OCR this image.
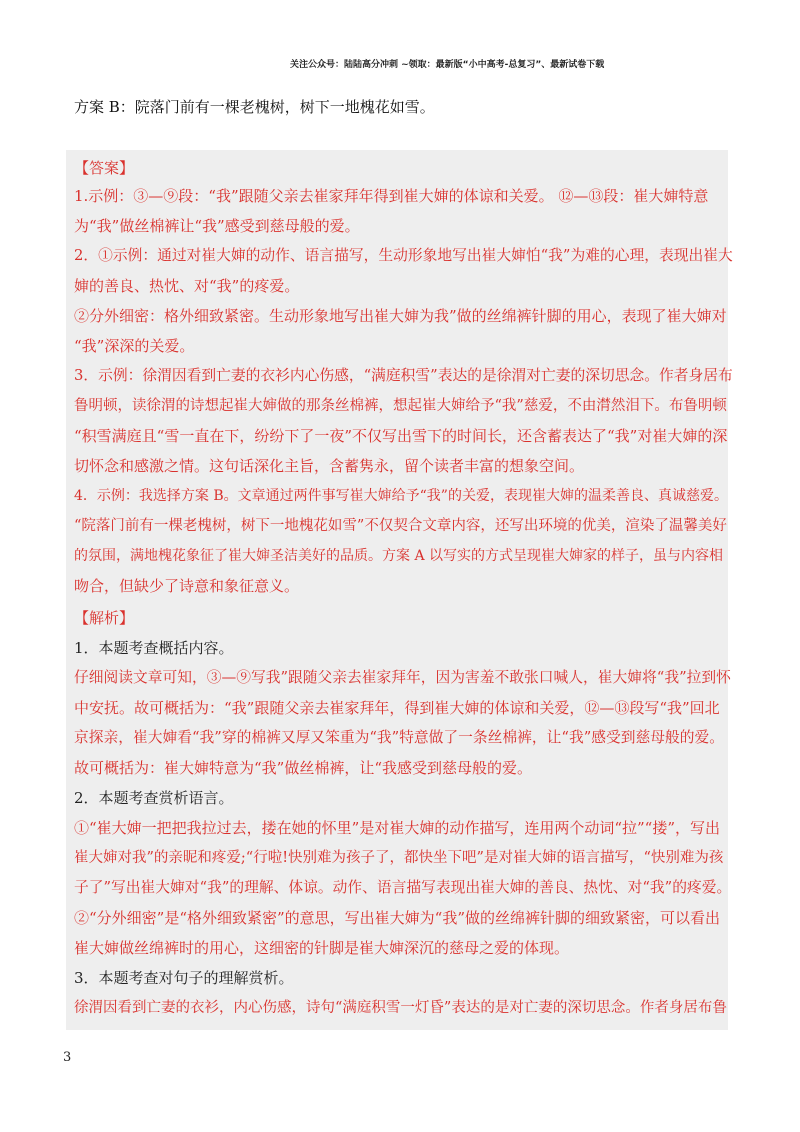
关注公众号：陆陆高分冲刺 ~领取：最新版“小中高考-总复习”、最新试卷下载
方案 B：院落门前有一棵老槐树，树下一地槐花如雪。
【答案】
1.示例：③—⑨段：“我”跟随父亲去崔家拜年得到崔大婶的体谅和关爱。 ⑫—⑬段：崔大婶特意
为“我”做丝棉裤让“我”感受到慈母般的爱。
2．①示例：通过对崔大婶的动作、语言描写，生动形象地写出崔大婶怕“我”为难的心理，表现出崔大
婶的善良、热忱、对“我”的疼爱。
②分外细密：格外细致紧密。生动形象地写出崔大婶为我”做的丝绵裤针脚的用心，表现了崔大婶对
“我”深深的关爱。
3．示例：徐渭因看到亡妻的衣衫内心伤感，“满庭积雪”表达的是徐渭对亡妻的深切思念。作者身居布
鲁明顿，读徐渭的诗想起崔大婶做的那条丝棉裤，想起崔大婶给予“我”慈爱，不由潸然泪下。布鲁明顿
“积雪满庭且“雪一直在下，纷纷下了一夜”不仅写出雪下的时间长，还含蓄表达了“我”对崔大婶的深
切怀念和感激之情。这句话深化主旨，含蓄隽永，留个读者丰富的想象空间。
4．示例：我选择方案 B。文章通过两件事写崔大婶给予“我”的关爱，表现崔大婶的温柔善良、真诚慈爱。
“院落门前有一棵老槐树，树下一地槐花如雪”不仅契合文章内容，还写出环境的优美，渲染了温馨美好
的氛围，满地槐花象征了崔大婶圣洁美好的品质。方案 A 以写实的方式呈现崔大婶家的样子，虽与内容相
吻合，但缺少了诗意和象征意义。
【解析】
1．本题考查概括内容。
仔细阅读文章可知，③—⑨写我”跟随父亲去崔家拜年，因为害羞不敢张口喊人，崔大婶将“我”拉到怀
中安抚。故可概括为：“我”跟随父亲去崔家拜年，得到崔大婶的体谅和关爱，⑫—⑬段写“我”回北
京探亲，崔大婶看“我”穿的棉裤又厚又笨重为“我”特意做了一条丝棉裤，让“我”感受到慈母般的爱。
故可概括为：崔大婶特意为“我”做丝棉裤，让“我感受到慈母般的爱。
2．本题考查赏析语言。
①“崔大婶一把把我拉过去，搂在她的怀里”是对崔大婶的动作描写，连用两个动词“拉”“搂”，写出
崔大婶对我”的亲昵和疼爱;“行啦!快别难为孩子了，都快坐下吧”是对崔大婶的语言描写，“快别难为孩
子了”写出崔大婶对“我”的理解、体谅。动作、语言描写表现出崔大婶的善良、热忱、对“我”的疼爱。
②“分外细密”是“格外细致紧密”的意思，写出崔大婶为“我”做的丝绵裤针脚的细致紧密，可以看出
崔大婶做丝绵裤时的用心，这细密的针脚是崔大婶深沉的慈母之爱的体现。
3．本题考查对句子的理解赏析。
徐渭因看到亡妻的衣衫，内心伤感，诗句“满庭积雪一灯昏”表达的是对亡妻的深切思念。作者身居布鲁
3
